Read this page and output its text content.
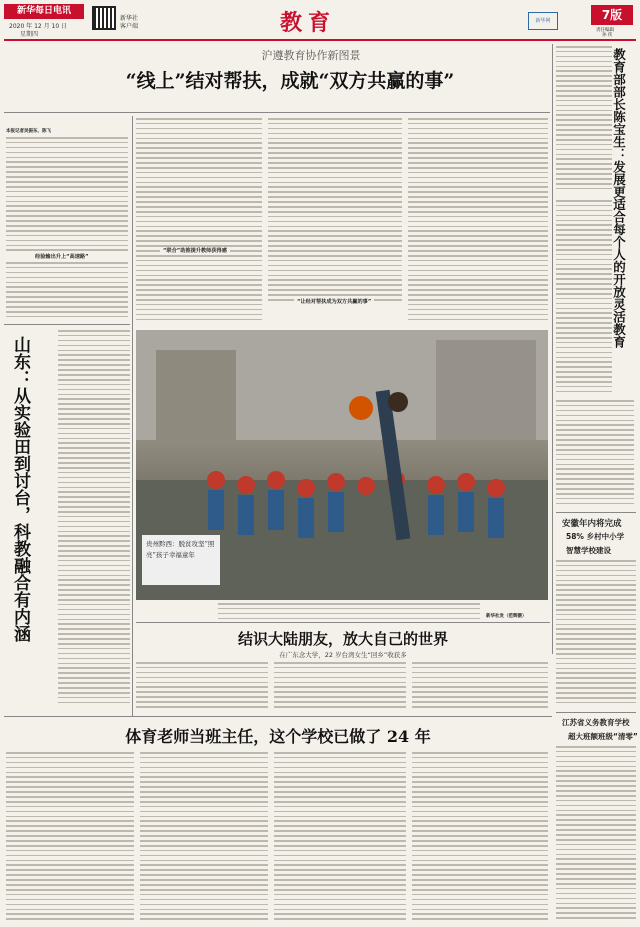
新华每日电讯
2020 年 12 月 10 日
星期四
新华社
客户端	教育	新华网	7版
责任编辑
孙 侠
沪遵教育协作新图景
“线上”结对帮扶，成就“双方共赢的事”
本报记者吴振东、陈飞
经验输出升上“高速路”
山东：从实验田到讨台，科教融合有内涵
“联合”助推提升教师获得感
“让经对帮扶成为双方共赢的事”
贵州黔西：脱贫攻坚“照亮”孩子幸福童年
新华社发（范辉摄）
教育部部长陈宝生：发展更适合每个人的开放灵活教育
安徽年内将完成
58% 乡村中小学
智慧学校建设
江苏省义务教育学校
超大班额班级“清零”
结识大陆朋友，放大自己的世界
在广东念大学，22 岁台湾女生“回乡”收获多
体育老师当班主任，这个学校已做了 24 年
